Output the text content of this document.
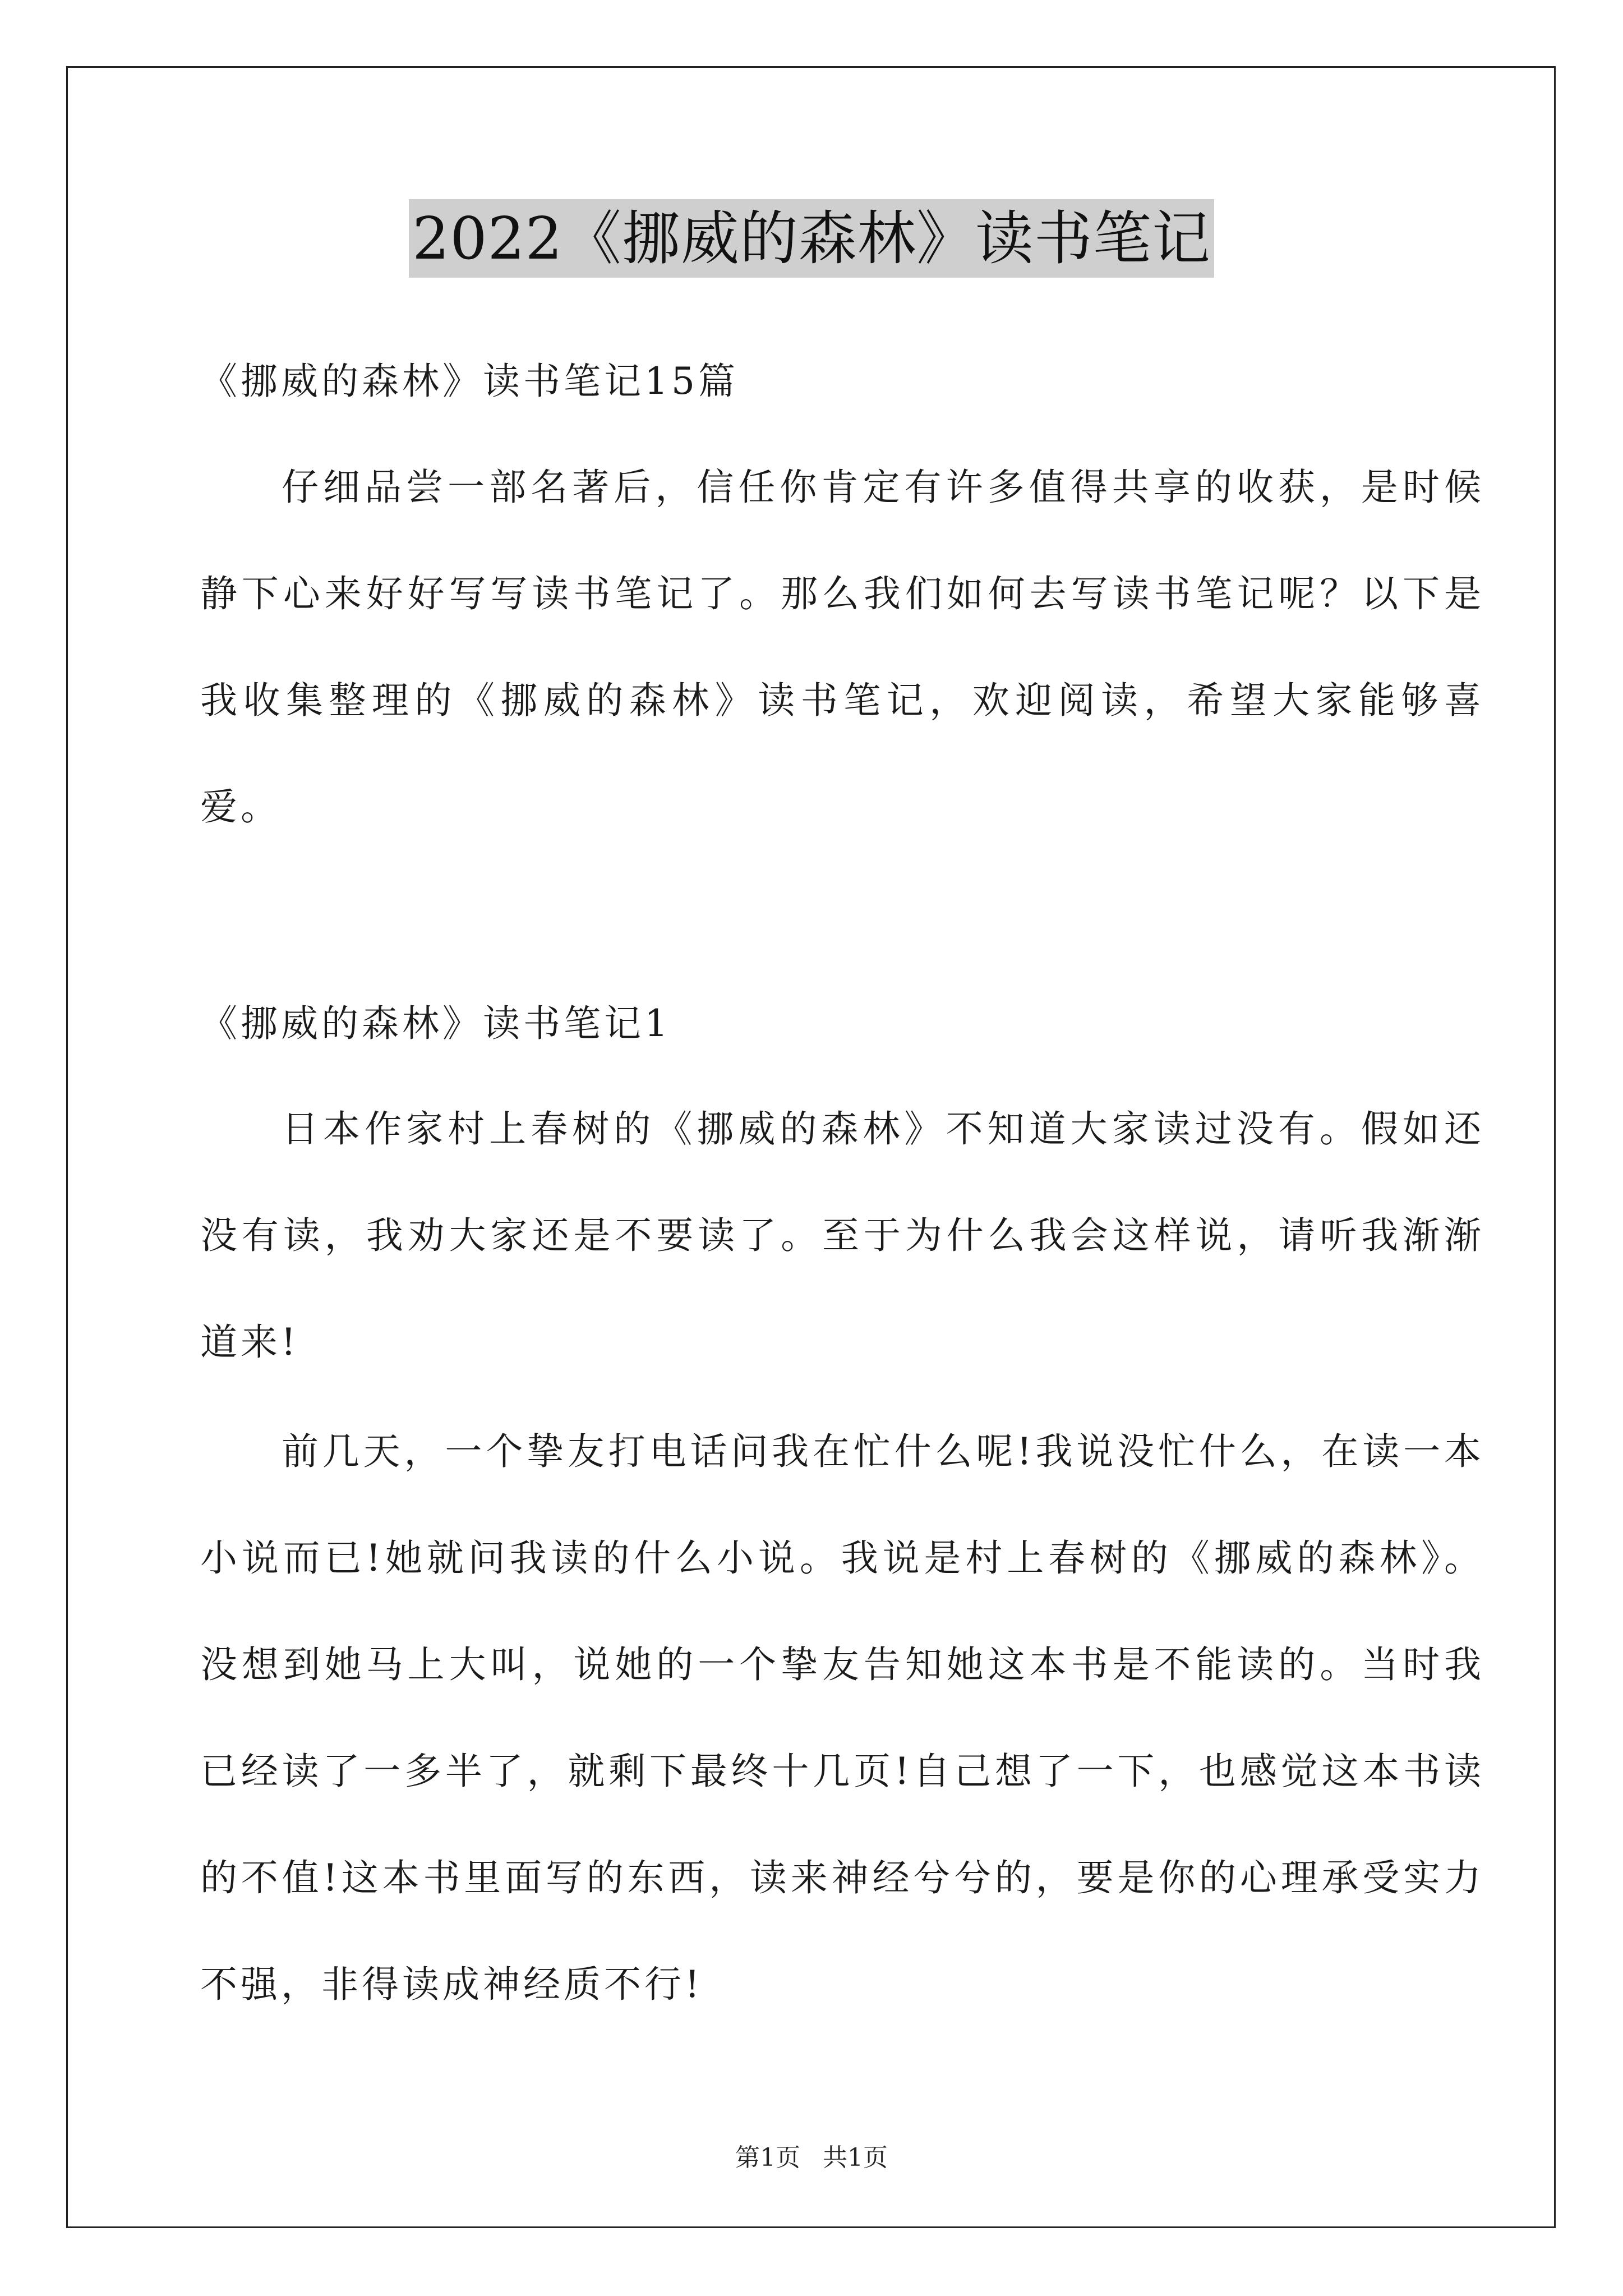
2022《挪威的森林》读书笔记
《挪威的森林》读书笔记15篇
仔细品尝一部名著后，信任你肯定有许多值得共享的收获，是时候静下心来好好写写读书笔记了。那么我们如何去写读书笔记呢？以下是我收集整理的《挪威的森林》读书笔记，欢迎阅读，希望大家能够喜爱。
《挪威的森林》读书笔记1
日本作家村上春树的《挪威的森林》不知道大家读过没有。假如还没有读，我劝大家还是不要读了。至于为什么我会这样说，请听我渐渐道来!
前几天，一个挚友打电话问我在忙什么呢!我说没忙什么，在读一本小说而已!她就问我读的什么小说。我说是村上春树的《挪威的森林》。没想到她马上大叫，说她的一个挚友告知她这本书是不能读的。当时我已经读了一多半了，就剩下最终十几页!自己想了一下，也感觉这本书读的不值!这本书里面写的东西，读来神经兮兮的，要是你的心理承受实力不强，非得读成神经质不行!
第1页 共1页
